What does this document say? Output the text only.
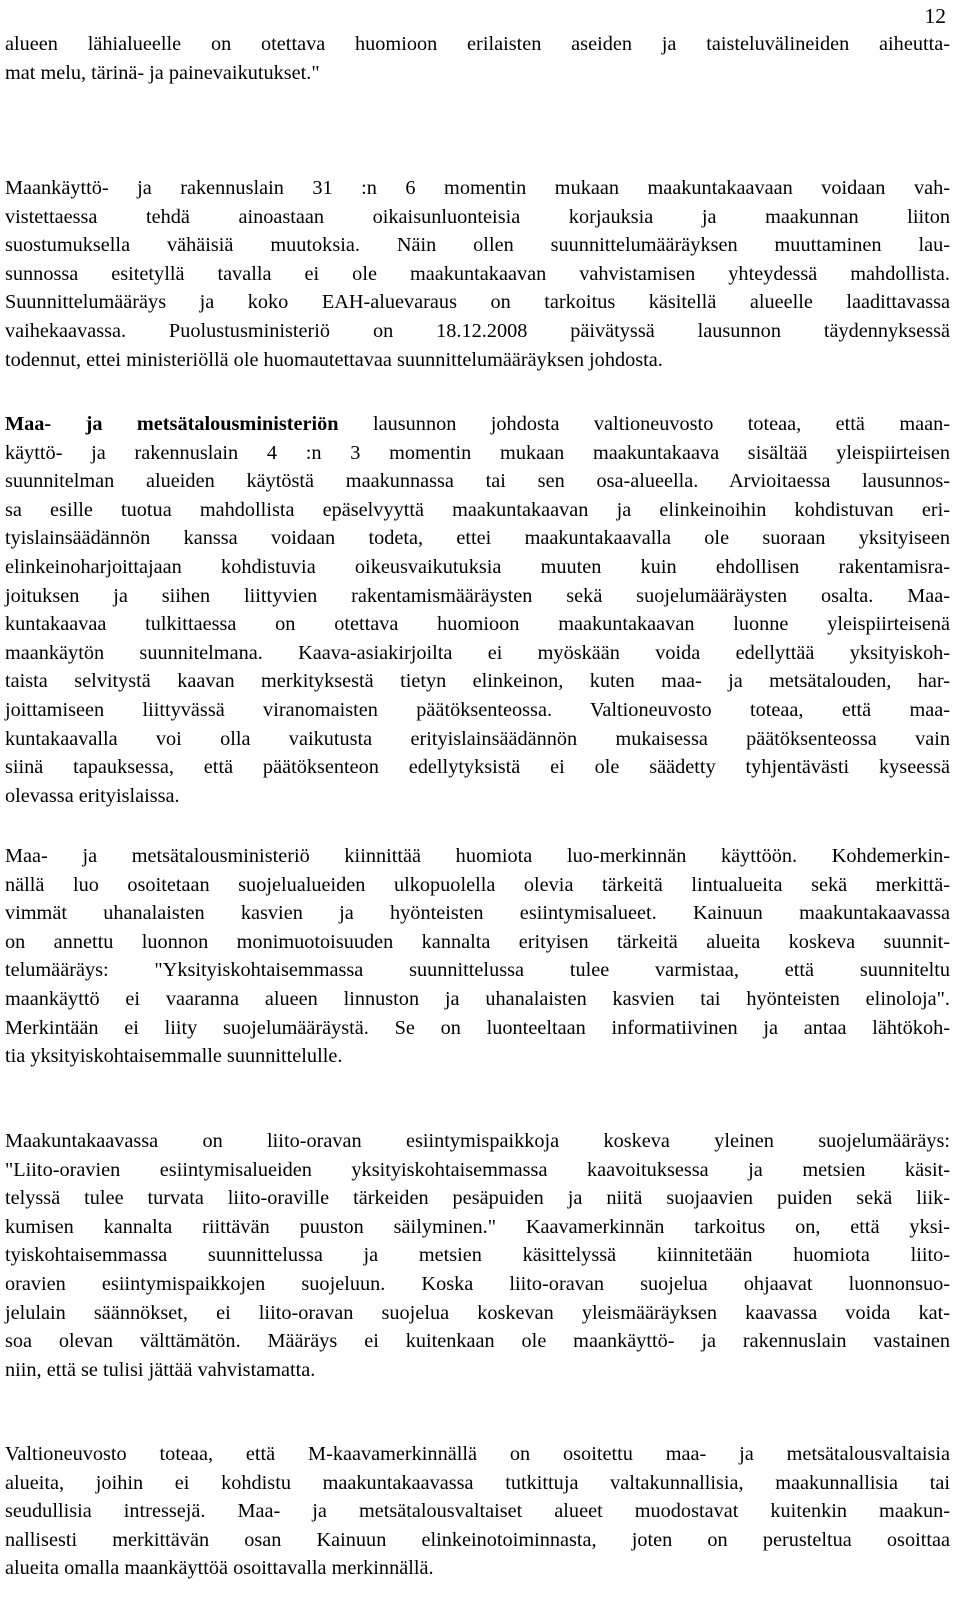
12

alueen lähialueelle on otettava huomioon erilaisten aseiden ja taisteluvälineiden aiheutta-
mat melu, tärinä- ja painevaikutukset."

Maankäyttö- ja rakennuslain 31 :n 6 momentin mukaan maakuntakaavaan voidaan vah-
vistettaessa tehdä ainoastaan oikaisunluonteisia korjauksia ja maakunnan liiton
suostumuksella vähäisiä muutoksia. Näin ollen suunnittelumääräyksen muuttaminen lau-
sunnossa esitetyllä tavalla ei ole maakuntakaavan vahvistamisen yhteydessä mahdollista.
Suunnittelumääräys ja koko EAH-aluevaraus on tarkoitus käsitellä alueelle laadittavassa
vaihekaavassa. Puolustusministeriö on 18.12.2008 päivätyssä lausunnon täydennyksessä
todennut, ettei ministeriöllä ole huomautettavaa suunnittelumääräyksen johdosta.

Maa- ja metsätalousministeriön lausunnon johdosta valtioneuvosto toteaa, että maan-
käyttö- ja rakennuslain 4 :n 3 momentin mukaan maakuntakaava sisältää yleispiirteisen
suunnitelman alueiden käytöstä maakunnassa tai sen osa-alueella. Arvioitaessa lausunnos-
sa esille tuotua mahdollista epäselvyyttä maakuntakaavan ja elinkeinoihin kohdistuvan eri-
tyislainsäädännön kanssa voidaan todeta, ettei maakuntakaavalla ole suoraan yksityiseen
elinkeinoharjoittajaan kohdistuvia oikeusvaikutuksia muuten kuin ehdollisen rakentamisra-
joituksen ja siihen liittyvien rakentamismääräysten sekä suojelumääräysten osalta. Maa-
kuntakaavaa tulkittaessa on otettava huomioon maakuntakaavan luonne yleispiirteisenä
maankäytön suunnitelmana. Kaava-asiakirjoilta ei myöskään voida edellyttää yksityiskoh-
taista selvitystä kaavan merkityksestä tietyn elinkeinon, kuten maa- ja metsätalouden, har-
joittamiseen liittyvässä viranomaisten päätöksenteossa. Valtioneuvosto toteaa, että maa-
kuntakaavalla voi olla vaikutusta erityislainsäädännön mukaisessa päätöksenteossa vain
siinä tapauksessa, että päätöksenteon edellytyksistä ei ole säädetty tyhjentävästi kyseessä
olevassa erityislaissa.

Maa- ja metsätalousministeriö kiinnittää huomiota luo-merkinnän käyttöön. Kohdemerkin-
nällä luo osoitetaan suojelualueiden ulkopuolella olevia tärkeitä lintualueita sekä merkittä-
vimmät uhanalaisten kasvien ja hyönteisten esiintymisalueet. Kainuun maakuntakaavassa
on annettu luonnon monimuotoisuuden kannalta erityisen tärkeitä alueita koskeva suunnit-
telumääräys: "Yksityiskohtaisemmassa suunnittelussa tulee varmistaa, että suunniteltu
maankäyttö ei vaaranna alueen linnuston ja uhanalaisten kasvien tai hyönteisten elinoloja".
Merkintään ei liity suojelumääräystä. Se on luonteeltaan informatiivinen ja antaa lähtökoh-
tia yksityiskohtaisemmalle suunnittelulle.

Maakuntakaavassa on liito-oravan esiintymispaikkoja koskeva yleinen suojelumääräys:
"Liito-oravien esiintymisalueiden yksityiskohtaisemmassa kaavoituksessa ja metsien käsit-
telyssä tulee turvata liito-oraville tärkeiden pesäpuiden ja niitä suojaavien puiden sekä liik-
kumisen kannalta riittävän puuston säilyminen." Kaavamerkinnän tarkoitus on, että yksi-
tyiskohtaisemmassa suunnittelussa ja metsien käsittelyssä kiinnitetään huomiota liito-
oravien esiintymispaikkojen suojeluun. Koska liito-oravan suojelua ohjaavat luonnonsuo-
jelulain säännökset, ei liito-oravan suojelua koskevan yleismääräyksen kaavassa voida kat-
soa olevan välttämätön. Määräys ei kuitenkaan ole maankäyttö- ja rakennuslain vastainen
niin, että se tulisi jättää vahvistamatta.

Valtioneuvosto toteaa, että M-kaavamerkinnällä on osoitettu maa- ja metsätalousvaltaisia
alueita, joihin ei kohdistu maakuntakaavassa tutkittuja valtakunnallisia, maakunnallisia tai
seudullisia intressejä. Maa- ja metsätalousvaltaiset alueet muodostavat kuitenkin maakun-
nallisesti merkittävän osan Kainuun elinkeinotoiminnasta, joten on perusteltua osoittaa
alueita omalla maankäyttöä osoittavalla merkinnällä.
